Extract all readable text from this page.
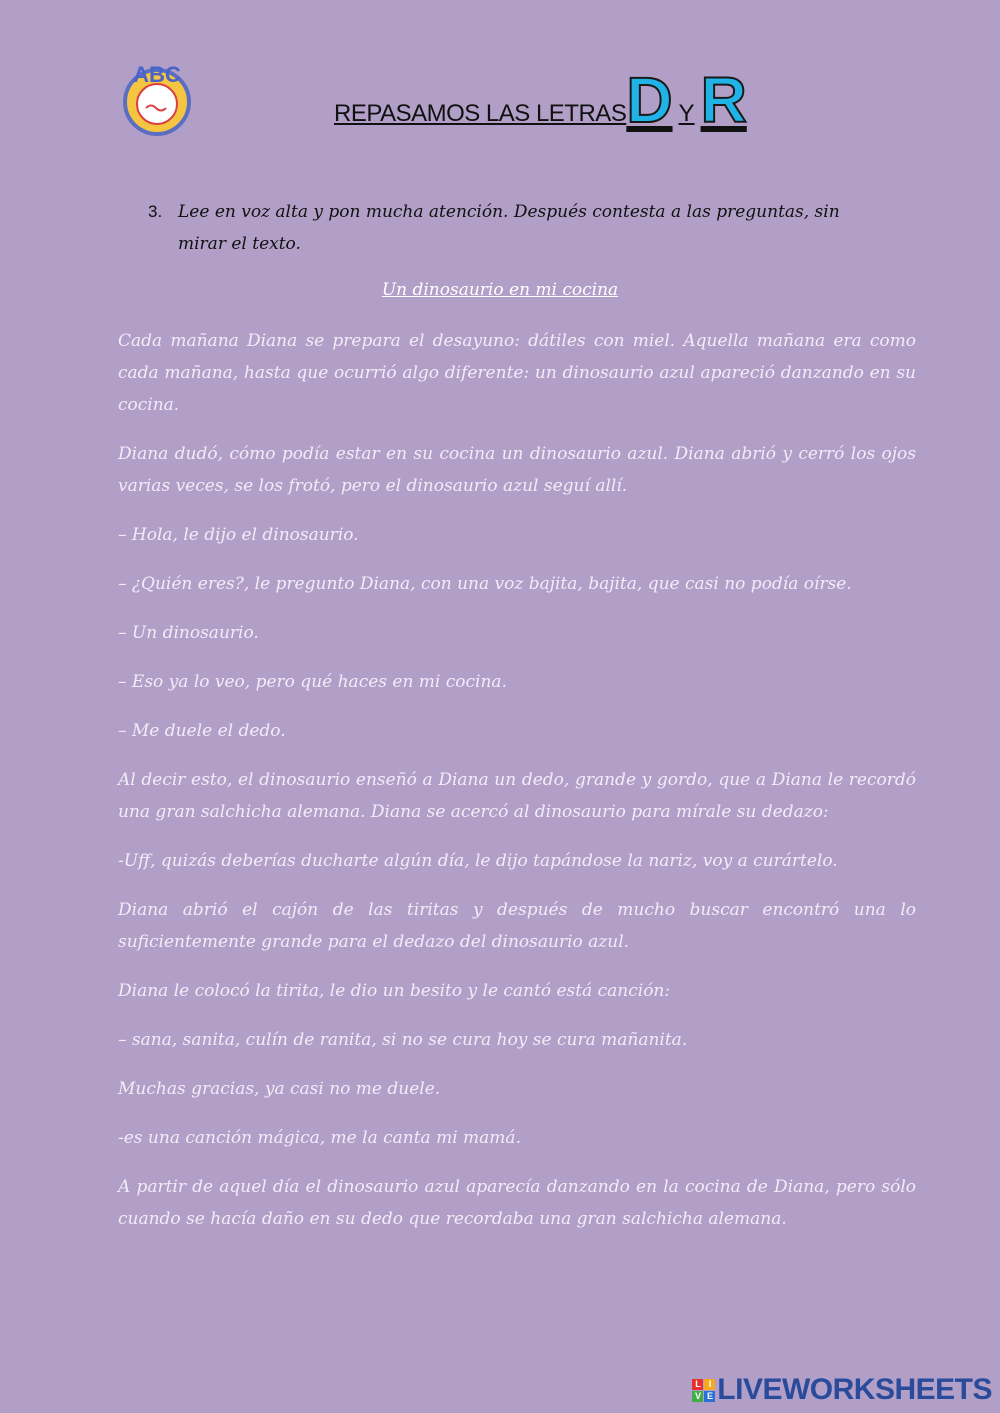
ABC
REPASAMOS LAS LETRAS D Y R
3. Lee en voz alta y pon mucha atención. Después contesta a las preguntas, sin mirar el texto.
Un dinosaurio en mi cocina

Cada mañana Diana se prepara el desayuno: dátiles con miel. Aquella mañana era como cada mañana, hasta que ocurrió algo diferente: un dinosaurio azul apareció danzando en su cocina.

Diana dudó, cómo podía estar en su cocina un dinosaurio azul. Diana abrió y cerró los ojos varias veces, se los frotó, pero el dinosaurio azul seguí allí.

– Hola, le dijo el dinosaurio.

– ¿Quién eres?, le pregunto Diana, con una voz bajita, bajita, que casi no podía oírse.

– Un dinosaurio.

– Eso ya lo veo, pero qué haces en mi cocina.

– Me duele el dedo.

Al decir esto, el dinosaurio enseñó a Diana un dedo, grande y gordo, que a Diana le recordó una gran salchicha alemana. Diana se acercó al dinosaurio para mírale su dedazo:

-Uff, quizás deberías ducharte algún día, le dijo tapándose la nariz, voy a curártelo.

Diana abrió el cajón de las tiritas y después de mucho buscar encontró una lo suficientemente grande para el dedazo del dinosaurio azul.

Diana le colocó la tirita, le dio un besito y le cantó está canción:

– sana, sanita, culín de ranita, si no se cura hoy se cura mañanita.

Muchas gracias, ya casi no me duele.

-es una canción mágica, me la canta mi mamá.

A partir de aquel día el dinosaurio azul aparecía danzando en la cocina de Diana, pero sólo cuando se hacía daño en su dedo que recordaba una gran salchicha alemana.

L I
V E LIVEWORKSHEETS
